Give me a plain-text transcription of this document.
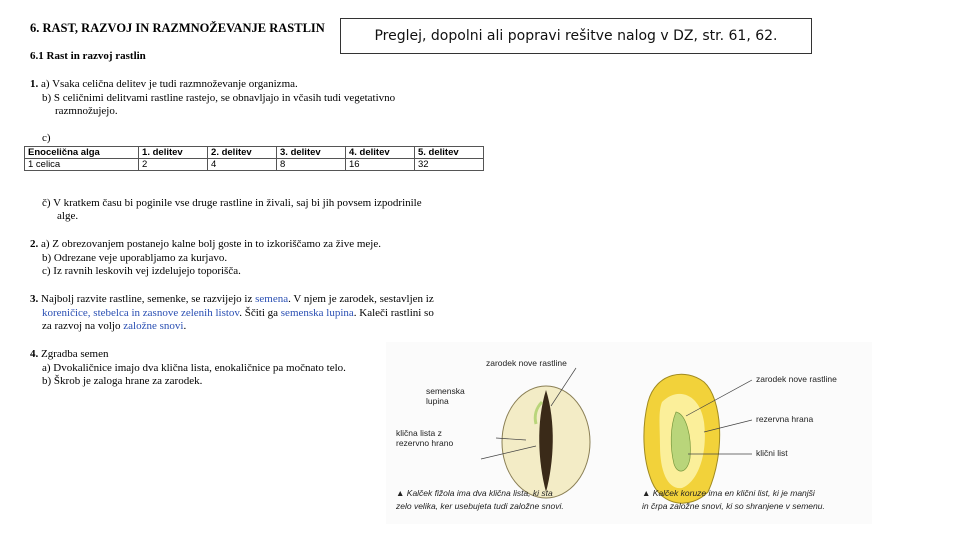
Preglej, dopolni ali popravi rešitve nalog v DZ, str. 61, 62.
6. RAST, RAZVOJ IN RAZMNOŽEVANJE RASTLIN
6.1 Rast in razvoj rastlin
1. a) Vsaka celična delitev je tudi razmnoževanje organizma.
b) S celičnimi delitvami rastline rastejo, se obnavljajo in včasih tudi vegetativno
razmnožujejo.
c)
Enocelična alga	1. delitev	2. delitev	3. delitev	4. delitev	5. delitev
1 celica	2	4	8	16	32
č) V kratkem času bi poginile vse druge rastline in živali, saj bi jih povsem izpodrinile
alge.
2. a) Z obrezovanjem postanejo kalne bolj goste in to izkoriščamo za žive meje.
b) Odrezane veje uporabljamo za kurjavo.
c) Iz ravnih leskovih vej izdelujejo toporišča.
3. Najbolj razvite rastline, semenke, se razvijejo iz semena. V njem je zarodek, sestavljen iz
koreničice, stebelca in zasnove zelenih listov. Ščiti ga semenska lupina. Kaleči rastlini so
za razvoj na voljo založne snovi.
4. Zgradba semen
a) Dvokaličnice imajo dva klična lista, enokaličnice pa močnato telo.
b) Škrob je zaloga hrane za zarodek.
zarodek nove rastline
semenska
lupina
klična lista z
rezervno hrano
zarodek nove rastline
rezervna hrana
klični list
▲ Kalček fižola ima dva klična lista, ki sta
zelo velika, ker usebujeta tudi založne snovi.
▲ Kalček koruze ima en klični list, ki je manjši
in črpa založne snovi, ki so shranjene v semenu.
